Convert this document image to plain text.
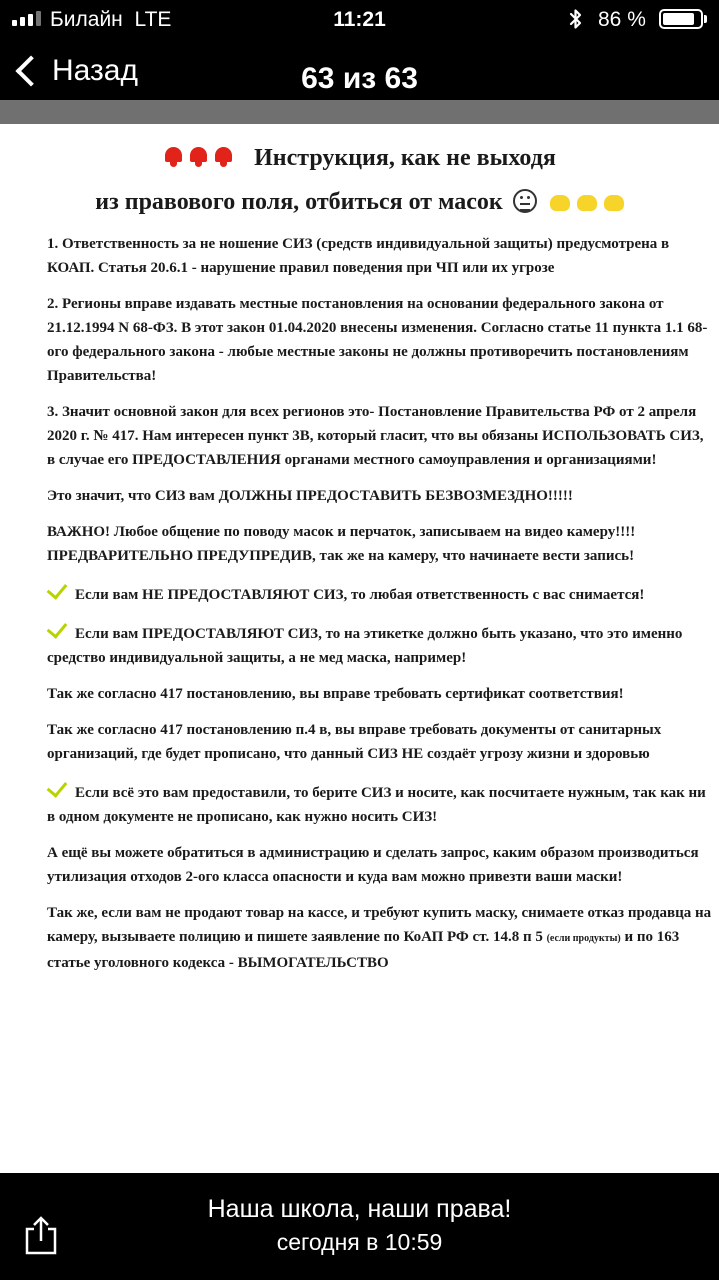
Билайн LTE	11:21	86 %
Назад	63 из 63
Инструкция, как не выходя
из правового поля, отбиться от масок
1. Ответственность за не ношение СИЗ (средств индивидуальной защиты) предусмотрена в КОАП. Статья 20.6.1 - нарушение правил поведения при ЧП или их угрозе
2. Регионы вправе издавать местные постановления на основании федерального закона от 21.12.1994 N 68-ФЗ. В этот закон 01.04.2020 внесены изменения. Согласно статье 11 пункта 1.1 68-ого федерального закона - любые местные законы не должны противоречить постановлениям Правительства!
3. Значит основной закон для всех регионов это- Постановление Правительства РФ от 2 апреля 2020 г. № 417. Нам интересен пункт 3В, который гласит, что вы обязаны ИСПОЛЬЗОВАТЬ СИЗ, в случае его ПРЕДОСТАВЛЕНИЯ органами местного самоуправления и организациями!
Это значит, что СИЗ вам ДОЛЖНЫ ПРЕДОСТАВИТЬ БЕЗВОЗМЕЗДНО!!!!!
ВАЖНО! Любое общение по поводу масок и перчаток, записываем на видео камеру!!!! ПРЕДВАРИТЕЛЬНО ПРЕДУПРЕДИВ, так же на камеру, что начинаете вести запись!
Если вам НЕ ПРЕДОСТАВЛЯЮТ СИЗ, то любая ответственность с вас снимается!
Если вам ПРЕДОСТАВЛЯЮТ СИЗ, то на этикетке должно быть указано, что это именно средство индивидуальной защиты, а не мед маска, например!
Так же согласно 417 постановлению, вы вправе требовать сертификат соответствия!
Так же согласно 417 постановлению п.4 в, вы вправе требовать документы от санитарных организаций, где будет прописано, что данный СИЗ НЕ создаёт угрозу жизни и здоровью
Если всё это вам предоставили, то берите СИЗ и носите, как посчитаете нужным, так как ни в одном документе не прописано, как нужно носить СИЗ!
А ещё вы можете обратиться в администрацию и сделать запрос, каким образом производиться утилизация отходов 2-ого класса опасности и куда вам можно привезти ваши маски!
Так же, если вам не продают товар на кассе, и требуют купить маску, снимаете отказ продавца на камеру, вызываете полицию и пишете заявление по КоАП РФ ст. 14.8 п 5 (если продукты) и по 163 статье уголовного кодекса - ВЫМОГАТЕЛЬСТВО
Наша школа, наши права!
сегодня в 10:59
